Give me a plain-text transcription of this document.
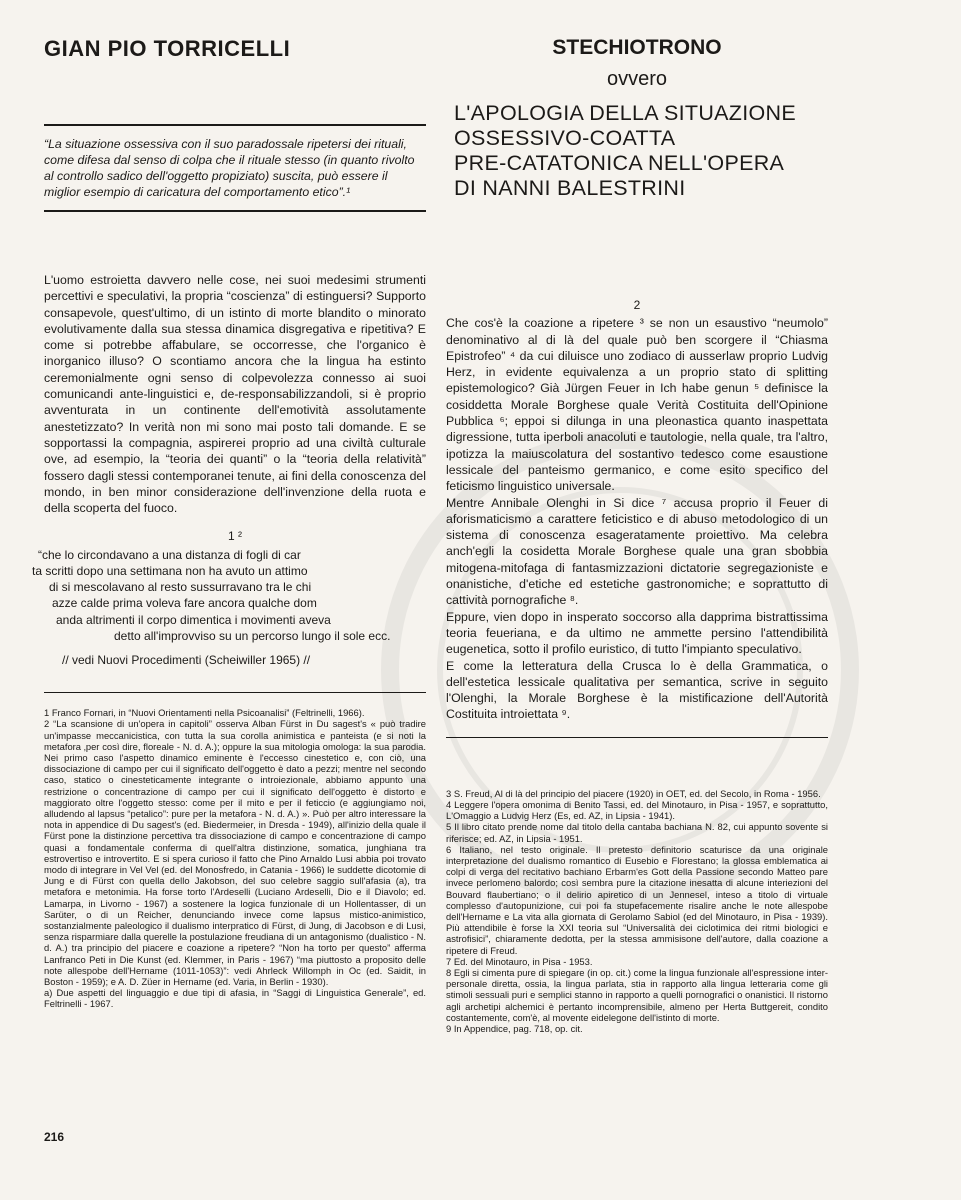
GIAN PIO TORRICELLI
“La situazione ossessiva con il suo paradossale ripetersi dei rituali, come difesa dal senso di colpa che il rituale stesso (in quanto rivolto al controllo sadico dell'oggetto propiziato) suscita, può essere il miglior esempio di caricatura del comportamento etico”.¹

L'uomo estroietta davvero nelle cose, nei suoi medesimi strumenti percettivi e speculativi, la propria “coscienza” di estinguersi? Supporto consapevole, quest'ultimo, di un istinto di morte blandito o minorato evolutivamente dalla sua stessa dinamica disgregativa e ripetitiva? E come si potrebbe affabulare, se occorresse, che l'organico è inorganico illuso? O scontiamo ancora che la lingua ha estinto ceremonialmente ogni senso di colpevolezza connesso ai suoi comunicandi ante-linguistici e, de-responsabilizzandoli, si è proprio avventurata in un continente dell'emotività assolutamente anestetizzato? In verità non mi sono mai posto tali domande. E se sopportassi la compagnia, aspirerei proprio ad una civiltà culturale ove, ad esempio, la “teoria dei quanti” o la “teoria della relatività” fossero dagli stessi contemporanei tenute, ai fini della conoscenza del mondo, in ben minor considerazione dell'invenzione della ruota e della scoperta del fuoco.

1 ²

“che lo circondavano a una distanza di fogli di car
ta scritti dopo una settimana non ha avuto un attimo
di si mescolavano al resto sussurravano tra le chi
azze calde prima voleva fare ancora qualche dom
anda altrimenti il corpo dimentica i movimenti aveva
detto all'improvviso su un percorso lungo il sole ecc.
// vedi Nuovi Procedimenti (Scheiwiller 1965) //

1 Franco Fornari, in “Nuovi Orientamenti nella Psicoanalisi” (Feltrinelli, 1966).

2 “La scansione di un'opera in capitoli” osserva Alban Fürst in Du sagest's « può tradire un'impasse meccanicistica, con tutta la sua corolla animistica e panteista (e si noti la metafora ‚per così dire, floreale - N. d. A.); oppure la sua mitologia omologa: la sua parodia. Nei primo caso l'aspetto dinamico eminente è l'eccesso cinestetico e, con ciò, una dissociazione di campo per cui il significato dell'oggetto è dato a pezzi; mentre nel secondo caso, statico o cinesteticamente integrante o introiezionale, abbiamo appunto una restrizione o concentrazione di campo per cui il significato dell'oggetto è distorto e maggiorato oltre l'oggetto stesso: come per il mito e per il feticcio (e aggiungiamo noi, alludendo al lapsus “petalico”: pure per la metafora - N. d. A.) ». Può per altro interessare la nota in appendice di Du sagest's (ed. Biedermeier, in Dresda - 1949), all'inizio della quale il Fürst pone la distinzione percettiva tra dissociazione di campo e concentrazione di campo quasi a fondamentale conferma di quell'altra distinzione, somatica, junghiana tra estrovertiso e introvertito. E si spera curioso il fatto che Pino Arnaldo Lusi abbia poi trovato modo di integrare in Vel Vel (ed. del Monosfredo, in Catania - 1966) le suddette dicotomie di Jung e di Fürst con quella dello Jakobson, del suo celebre saggio sull'afasia (a), tra metafora e metonimia. Ha forse torto l'Ardeselli (Luciano Ardeselli, Dio e il Diavolo; ed. Lamarpa, in Livorno - 1967) a sostenere la logica funzionale di un Hollentasser, di un Sarüter, o di un Reicher, denunciando invece come lapsus mistico-animistico, sostanzialmente paleologico il dualismo interpratico di Fürst, di Jung, di Jacobson e di Lusi, senza risparmiare dalla querelle la postulazione freudiana di un antagonismo (dualistico - N. d. A.) tra principio del piacere e coazione a ripetere? “Non ha torto per questo” afferma Lanfranco Peti in Die Kunst (ed. Klemmer, in Paris - 1967) “ma piuttosto a proposito delle note allespobe dell'Hername (1011-1053)”: vedi Ahrleck Willomph in Oc (ed. Saidit, in Boston - 1959); e A. D. Züer in Hername (ed. Varia, in Berlin - 1930).

a) Due aspetti del linguaggio e due tipi di afasia, in “Saggi di Linguistica Generale”, ed. Feltrinelli - 1967.

STECHIOTRONO
ovvero
L'APOLOGIA DELLA SITUAZIONE
OSSESSIVO-COATTA
PRE-CATATONICA NELL'OPERA
DI NANNI BALESTRINI

2

Che cos'è la coazione a ripetere ³ se non un esaustivo “neumolo” denominativo al di là del quale può ben scorgere il “Chiasma Epistrofeo” ⁴ da cui diluisce uno zodiaco di ausserlaw proprio Ludvig Herz, in evidente equivalenza a un proprio stato di splitting epistemologico? Già Jürgen Feuer in Ich habe genun ⁵ definisce la cosiddetta Morale Borghese quale Verità Costituita dell'Opinione Pubblica ⁶; eppoi si dilunga in una pleonastica quanto inaspettata digressione, tutta iperboli anacoluti e tautologie, nella quale, tra l'altro, ipotizza la maiuscolatura del sostantivo tedesco come esaustione lessicale del panteismo germanico, e come esito specifico del feticismo linguistico universale.

Mentre Annibale Olenghi in Si dice ⁷ accusa proprio il Feuer di aforismaticismo a carattere feticistico e di abuso metodologico di un sistema di conoscenza esageratamente proiettivo. Ma celebra anch'egli la cosidetta Morale Borghese quale una gran sbobbia mitogena-mitofaga di fantasmizzazioni dictatorie segregazioniste e onanistiche, d'etiche ed estetiche gastronomiche; e soprattutto di cattività pornografiche ⁸.

Eppure, vien dopo in insperato soccorso alla dapprima bistrattissima teoria feueriana, e da ultimo ne ammette persino l'attendibilità eugenetica, sotto il profilo euristico, di tutto l'impianto speculativo.

E come la letteratura della Crusca lo è della Grammatica, o dell'estetica lessicale qualitativa per semantica, scrive in seguito l'Olenghi, la Morale Borghese è la mistificazione dell'Autorità Costituita introiettata ⁹.

3 S. Freud, Al di là del principio del piacere (1920) in OET, ed. del Secolo, in Roma - 1956.

4 Leggere l'opera omonima di Benito Tassi, ed. del Minotauro, in Pisa - 1957, e soprattutto, L'Omaggio a Ludvig Herz (Es, ed. AZ, in Lipsia - 1941).

5 Il libro citato prende nome dal titolo della cantaba bachiana N. 82, cui appunto sovente si riferisce; ed. AZ, in Lipsia - 1951.

6 Italiano, nel testo originale. Il pretesto definitorio scaturisce da una originale interpretazione del dualismo romantico di Eusebio e Florestano; la glossa emblematica ai colpi di verga del recitativo bachiano Erbarm'es Gott della Passione secondo Matteo pare invece perlomeno balordo; così sembra pure la citazione inesatta di alcune interiezioni del Bouvard flaubertiano; o il delirio apiretico di un Jennesel, inteso a titolo di virtuale complesso d'autopunizione, cui poi fa stupefacemente risalire anche le note allespobe dell'Hername e La vita alla giornata di Gerolamo Sabiol (ed del Minotauro, in Pisa - 1939). Più attendibile è forse la XXI teoria sul “Universalità dei ciclotimica dei ritmi biologici e astrofisici”, chiaramente dedotta, per la stessa ammisisone dell'autore, dalla coazione a ripetere di Freud.

7 Ed. del Minotauro, in Pisa - 1953.

8 Egli si cimenta pure di spiegare (in op. cit.) come la lingua funzionale all'espressione inter-personale diretta, ossia, la lingua parlata, stia in rapporto alla lingua letteraria come gli stimoli sessuali puri e semplici stanno in rapporto a quelli pornografici o onanistici. Il ristorno agli archetipi alchemici è pertanto incomprensibile, almeno per Herta Buttgereit, condito costantemente, com'è, al movente eidelegone dell'istinto di morte.

9 In Appendice, pag. 718, op. cit.

216
